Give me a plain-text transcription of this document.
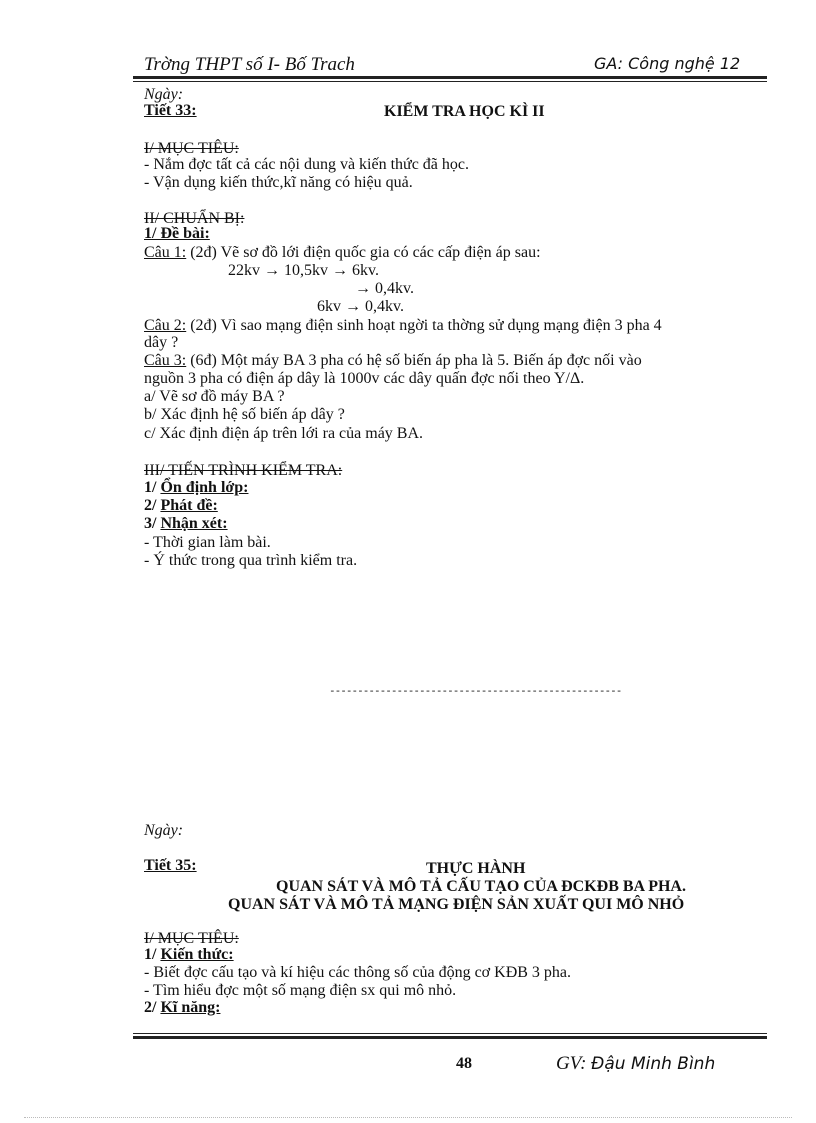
Trờng THPT số I- Bố Trach	GA: Công nghệ 12
Ngày:
Tiết 33:	KIỂM TRA HỌC KÌ II
I/ MỤC TIÊU:
- Nắm đợc tất cả các nội dung và kiến thức đã học.
- Vận dụng kiến thức,kĩ năng có hiệu quả.
II/ CHUẨN BỊ:
1/ Đề bài:
Câu 1: (2đ) Vẽ sơ đồ lới điện quốc gia có các cấp điện áp sau:
22kv → 10,5kv → 6kv.
→ 0,4kv.
6kv → 0,4kv.
Câu 2: (2đ) Vì sao mạng điện sinh hoạt ngời ta thờng sử dụng mạng điện 3 pha 4
dây ?
Câu 3: (6đ) Một máy BA 3 pha có hệ số biến áp pha là 5. Biến áp đợc nối vào
nguồn 3 pha có điện áp dây là 1000v các dây quấn đợc nối theo Y/Δ.
a/ Vẽ sơ đồ máy BA ?
b/ Xác định hệ số biến áp dây ?
c/ Xác định điện áp trên lới ra của máy BA.
III/ TIẾN TRÌNH KIỂM TRA:
1/ Ổn định lớp:
2/ Phát đề:
3/ Nhận xét:
- Thời gian làm bài.
- Ý thức trong qua trình kiểm tra.
----------------------------------------------------
Ngày:
Tiết 35:	THỰC HÀNH
QUAN SÁT VÀ MÔ TẢ CẤU TẠO CỦA ĐCKĐB BA PHA.
QUAN SÁT VÀ MÔ TẢ MẠNG ĐIỆN SẢN XUẤT QUI MÔ NHỎ
I/ MỤC TIÊU:
1/ Kiến thức:
- Biết đợc cấu tạo và kí hiệu các thông số của động cơ KĐB 3 pha.
- Tìm hiểu đợc một số mạng điện sx qui mô nhỏ.
2/ Kĩ năng:
48	GV: Đậu Minh Bình
